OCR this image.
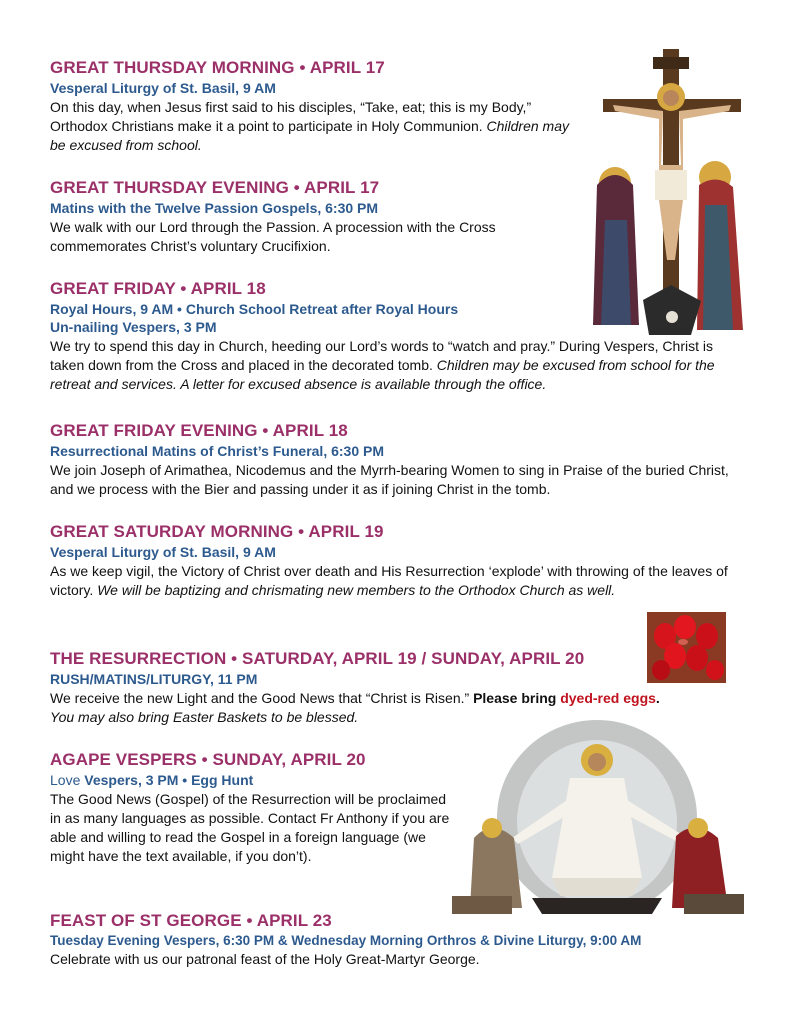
GREAT THURSDAY MORNING • APRIL 17
Vesperal Liturgy of St. Basil, 9 AM

On this day, when Jesus first said to his disciples, “Take, eat; this is my Body,” Orthodox Christians make it a point to participate in Holy Communion. Children may be excused from school.

GREAT THURSDAY EVENING • APRIL 17
Matins with the Twelve Passion Gospels, 6:30 PM

We walk with our Lord through the Passion. A procession with the Cross commemorates Christ’s voluntary Crucifixion.

GREAT FRIDAY • APRIL 18
Royal Hours, 9 AM • Church School Retreat after Royal Hours
Un-nailing Vespers, 3 PM

We try to spend this day in Church, heeding our Lord’s words to “watch and pray.” During Vespers, Christ is taken down from the Cross and placed in the decorated tomb. Children may be excused from school for the retreat and services. A letter for excused absence is available through the office.

GREAT FRIDAY EVENING • APRIL 18
Resurrectional Matins of Christ’s Funeral, 6:30 PM

We join Joseph of Arimathea, Nicodemus and the Myrrh-bearing Women to sing in Praise of the buried Christ, and we process with the Bier and passing under it as if joining Christ in the tomb.

GREAT SATURDAY MORNING • APRIL 19
Vesperal Liturgy of St. Basil, 9 AM

As we keep vigil, the Victory of Christ over death and His Resurrection ‘explode’ with throwing of the leaves of victory. We will be baptizing and chrismating new members to the Orthodox Church as well.

THE RESURRECTION • SATURDAY, APRIL 19 / SUNDAY, APRIL 20
RUSH/MATINS/LITURGY, 11 PM

We receive the new Light and the Good News that “Christ is Risen.” Please bring dyed-red eggs.
You may also bring Easter Baskets to be blessed.

AGAPE VESPERS • SUNDAY, APRIL 20
Love Vespers, 3 PM • Egg Hunt

The Good News (Gospel) of the Resurrection will be proclaimed in as many languages as possible. Contact Fr Anthony if you are able and willing to read the Gospel in a foreign language (we might have the text available, if you don’t).

FEAST OF ST GEORGE • APRIL 23
Tuesday Evening Vespers, 6:30 PM & Wednesday Morning Orthros & Divine Liturgy, 9:00 AM

Celebrate with us our patronal feast of the Holy Great-Martyr George.
